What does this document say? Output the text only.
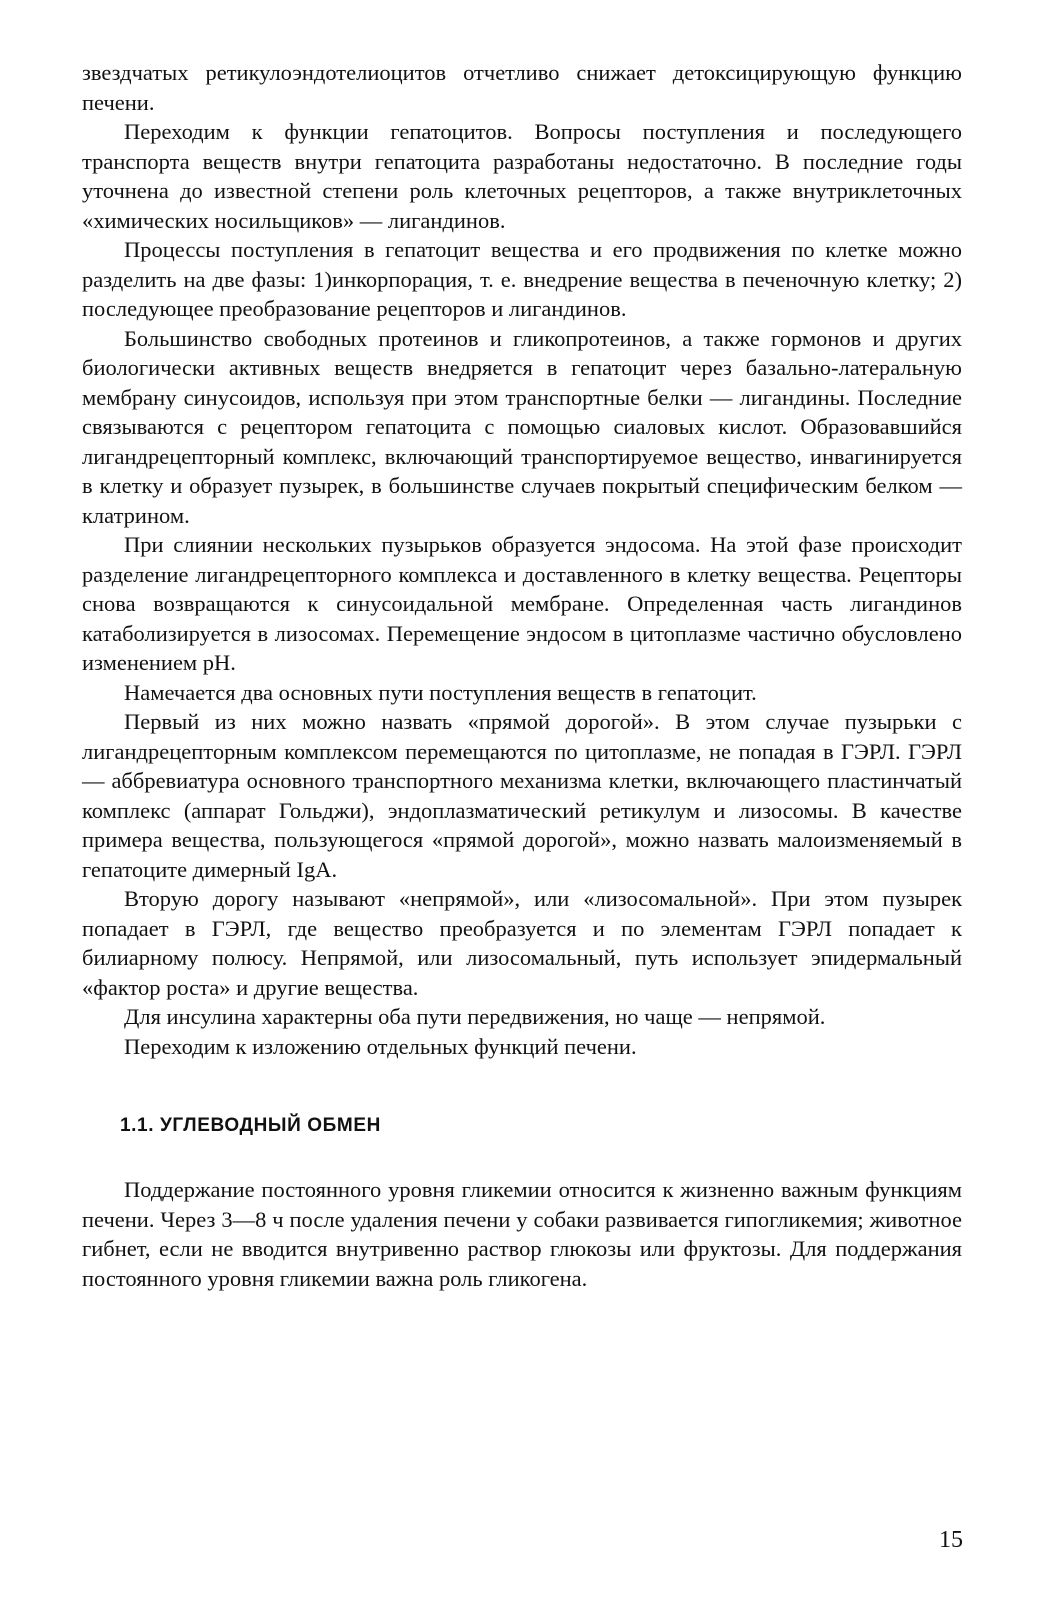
звездчатых ретикулоэндотелиоцитов отчетливо снижает детоксицирующую функцию печени.

Переходим к функции гепатоцитов. Вопросы поступления и последующего транспорта веществ внутри гепатоцита разработаны недостаточно. В последние годы уточнена до известной степени роль клеточных рецепторов, а также внутриклеточных «химических носильщиков» — лигандинов.

Процессы поступления в гепатоцит вещества и его продвижения по клетке можно разделить на две фазы: 1)инкорпорация, т. е. внедрение вещества в печеночную клетку; 2) последующее преобразование рецепторов и лигандинов.

Большинство свободных протеинов и гликопротеинов, а также гормонов и других биологически активных веществ внедряется в гепатоцит через базально-латеральную мембрану синусоидов, используя при этом транспортные белки — лигандины. Последние связываются с рецептором гепатоцита с помощью сиаловых кислот. Образовавшийся лигандрецепторный комплекс, включающий транспортируемое вещество, инвагинируется в клетку и образует пузырек, в большинстве случаев покрытый специфическим белком — клатрином.

При слиянии нескольких пузырьков образуется эндосома. На этой фазе происходит разделение лигандрецепторного комплекса и доставленного в клетку вещества. Рецепторы снова возвращаются к синусоидальной мембране. Определенная часть лигандинов катаболизируется в лизосомах. Перемещение эндосом в цитоплазме частично обусловлено изменением pH.

Намечается два основных пути поступления веществ в гепатоцит.

Первый из них можно назвать «прямой дорогой». В этом случае пузырьки с лигандрецепторным комплексом перемещаются по цитоплазме, не попадая в ГЭРЛ. ГЭРЛ — аббревиатура основного транспортного механизма клетки, включающего пластинчатый комплекс (аппарат Гольджи), эндоплазматический ретикулум и лизосомы. В качестве примера вещества, пользующегося «прямой дорогой», можно назвать малоизменяемый в гепатоците димерный IgA.

Вторую дорогу называют «непрямой», или «лизосомальной». При этом пузырек попадает в ГЭРЛ, где вещество преобразуется и по элементам ГЭРЛ попадает к билиарному полюсу. Непрямой, или лизосомальный, путь использует эпидермальный «фактор роста» и другие вещества.

Для инсулина характерны оба пути передвижения, но чаще — непрямой.

Переходим к изложению отдельных функций печени.

1.1. УГЛЕВОДНЫЙ ОБМЕН

Поддержание постоянного уровня гликемии относится к жизненно важным функциям печени. Через 3—8 ч после удаления печени у собаки развивается гипогликемия; животное гибнет, если не вводится внутривенно раствор глюкозы или фруктозы. Для поддержания постоянного уровня гликемии важна роль гликогена.

15
